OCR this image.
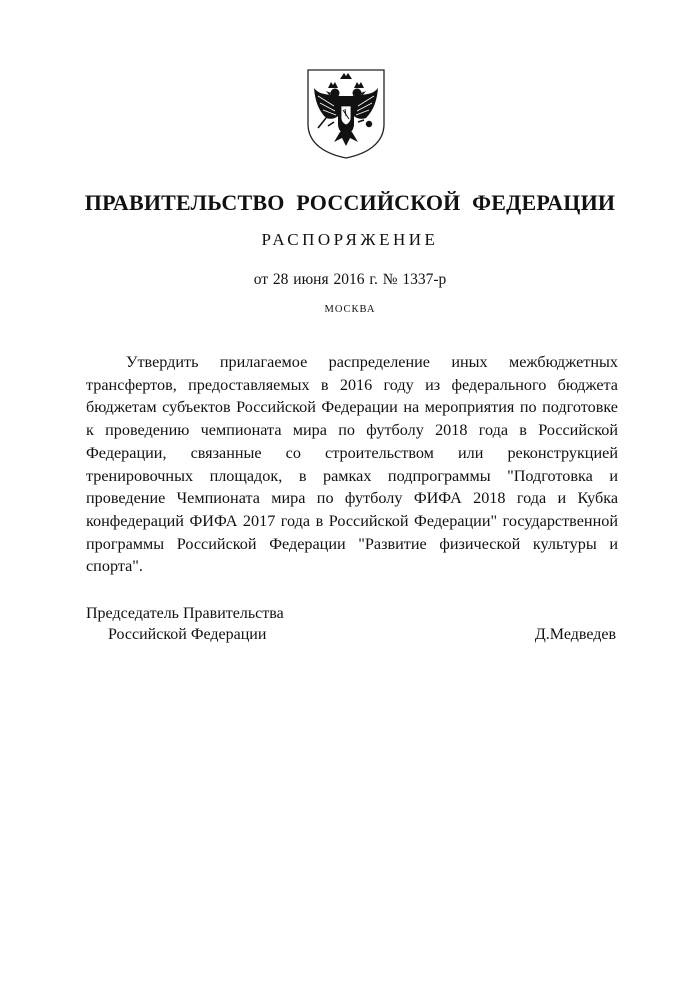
ПРАВИТЕЛЬСТВО РОССИЙСКОЙ ФЕДЕРАЦИИ
РАСПОРЯЖЕНИЕ
от 28 июня 2016 г. № 1337-р
МОСКВА

Утвердить прилагаемое распределение иных межбюджетных трансфертов, предоставляемых в 2016 году из федерального бюджета бюджетам субъектов Российской Федерации на мероприятия по подготовке к проведению чемпионата мира по футболу 2018 года в Российской Федерации, связанные со строительством или реконструкцией тренировочных площадок, в рамках подпрограммы "Подготовка и проведение Чемпионата мира по футболу ФИФА 2018 года и Кубка конфедераций ФИФА 2017 года в Российской Федерации" государственной программы Российской Федерации "Развитие физической культуры и спорта".

Председатель Правительства
Российской Федерации	Д.Медведев
